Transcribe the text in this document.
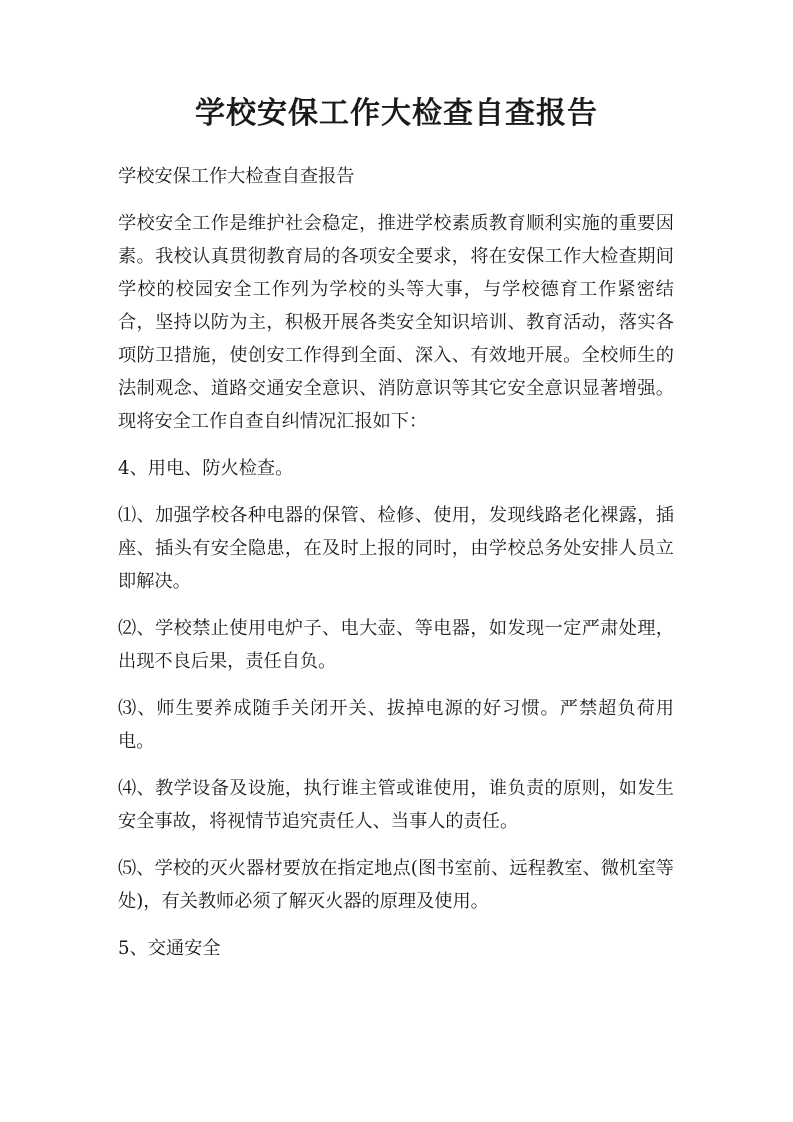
学校安保工作大检查自查报告

学校安保工作大检查自查报告

学校安全工作是维护社会稳定，推进学校素质教育顺利实施的重要因素。我校认真贯彻教育局的各项安全要求，将在安保工作大检查期间学校的校园安全工作列为学校的头等大事，与学校德育工作紧密结合，坚持以防为主，积极开展各类安全知识培训、教育活动，落实各项防卫措施，使创安工作得到全面、深入、有效地开展。全校师生的法制观念、道路交通安全意识、消防意识等其它安全意识显著增强。现将安全工作自查自纠情况汇报如下：

4、用电、防火检查。

⑴、加强学校各种电器的保管、检修、使用，发现线路老化裸露，插座、插头有安全隐患，在及时上报的同时，由学校总务处安排人员立即解决。

⑵、学校禁止使用电炉子、电大壶、等电器，如发现一定严肃处理，出现不良后果，责任自负。

⑶、师生要养成随手关闭开关、拔掉电源的好习惯。严禁超负荷用电。

⑷、教学设备及设施，执行谁主管或谁使用，谁负责的原则，如发生安全事故，将视情节追究责任人、当事人的责任。

⑸、学校的灭火器材要放在指定地点(图书室前、远程教室、微机室等处)，有关教师必须了解灭火器的原理及使用。

5、交通安全
